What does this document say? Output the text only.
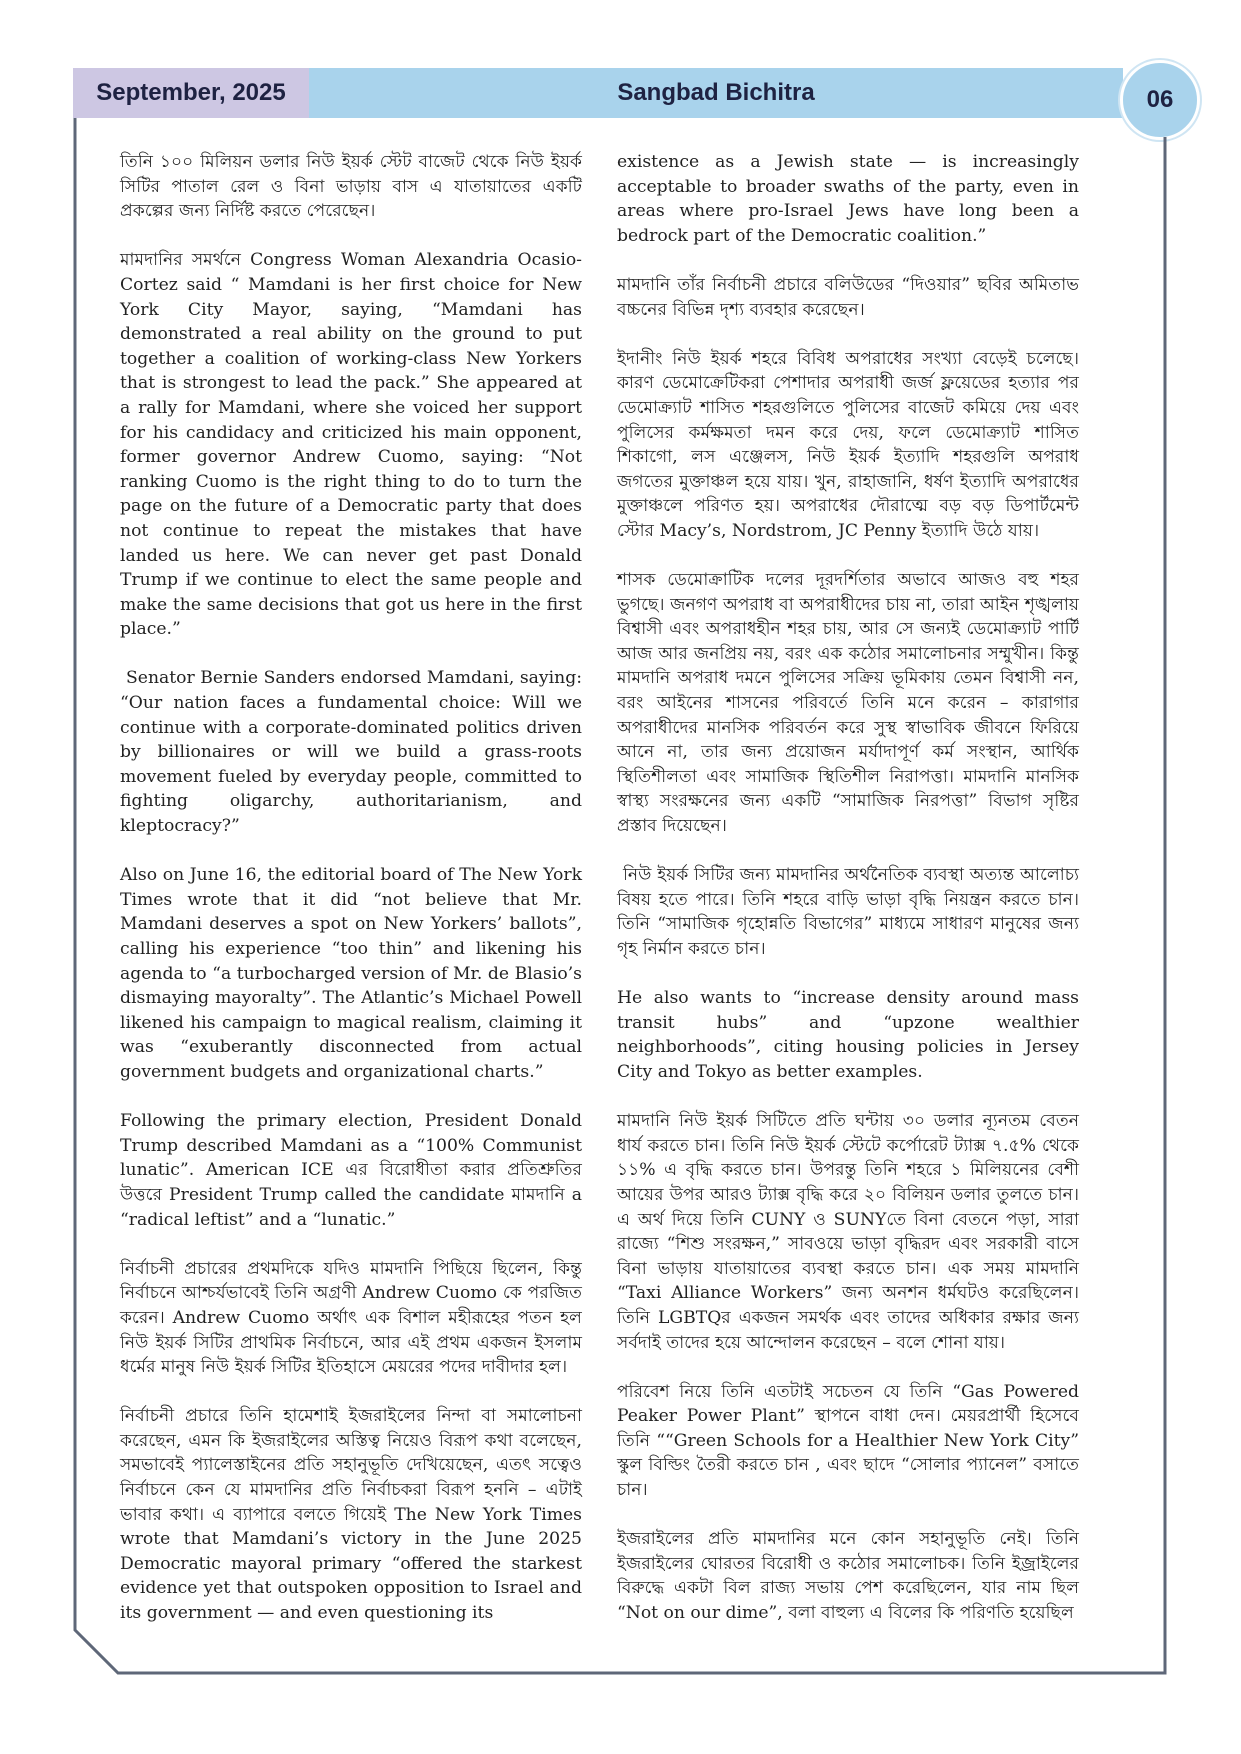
September, 2025	Sangbad Bichitra	06

তিনি ১০০ মিলিয়ন ডলার নিউ ইয়র্ক স্টেট বাজেট থেকে নিউ ইয়র্ক সিটির পাতাল রেল ও বিনা ভাড়ায় বাস এ যাতায়াতের একটি প্রকল্পের জন্য নির্দিষ্ট করতে পেরেছেন।

মামদানির সমর্থনে Congress Woman Alexandria Ocasio-Cortez said “ Mamdani is her first choice for New York City Mayor, saying, “Mamdani has demonstrated a real ability on the ground to put together a coalition of working-class New Yorkers that is strongest to lead the pack.” She appeared at a rally for Mamdani, where she voiced her support for his candidacy and criticized his main opponent, former governor Andrew Cuomo, saying: “Not ranking Cuomo is the right thing to do to turn the page on the future of a Democratic party that does not continue to repeat the mistakes that have landed us here. We can never get past Donald Trump if we continue to elect the same people and make the same decisions that got us here in the first place.”

Senator Bernie Sanders endorsed Mamdani, saying: “Our nation faces a fundamental choice: Will we continue with a corporate-dominated politics driven by billionaires or will we build a grass-roots movement fueled by everyday people, committed to fighting oligarchy, authoritarianism, and kleptocracy?”

Also on June 16, the editorial board of The New York Times wrote that it did “not believe that Mr. Mamdani deserves a spot on New Yorkers’ ballots”, calling his experience “too thin” and likening his agenda to “a turbocharged version of Mr. de Blasio’s dismaying mayoralty”. The Atlantic’s Michael Powell likened his campaign to magical realism, claiming it was “exuberantly disconnected from actual government budgets and organizational charts.”

Following the primary election, President Donald Trump described Mamdani as a “100% Communist lunatic”. American ICE এর বিরোধীতা করার প্রতিশ্রুতির উত্তরে President Trump called the candidate মামদানি a “radical leftist” and a “lunatic.”

নির্বাচনী প্রচারের প্রথমদিকে যদিও মামদানি পিছিয়ে ছিলেন, কিন্তু নির্বাচনে আশ্চর্যভাবেই তিনি অগ্রণী Andrew Cuomo কে পরজিত করেন। Andrew Cuomo অর্থাৎ এক বিশাল মহীরূহের পতন হল নিউ ইয়র্ক সিটির প্রাথমিক নির্বাচনে, আর এই প্রথম একজন ইসলাম ধর্মের মানুষ নিউ ইয়র্ক সিটির ইতিহাসে মেয়রের পদের দাবীদার হল।

নির্বাচনী প্রচারে তিনি হামেশাই ইজরাইলের নিন্দা বা সমালোচনা করেছেন, এমন কি ইজরাইলের অস্তিত্ব নিয়েও বিরূপ কথা বলেছেন, সমভাবেই প্যালেস্তাইনের প্রতি সহানুভূতি দেখিয়েছেন, এতৎ সত্বেও নির্বাচনে কেন যে মামদানির প্রতি নির্বাচকরা বিরূপ হননি – এটাই ভাবার কথা। এ ব্যাপারে বলতে গিয়েই The New York Times wrote that Mamdani’s victory in the June 2025 Democratic mayoral primary “offered the starkest evidence yet that outspoken opposition to Israel and its government — and even questioning its

existence as a Jewish state — is increasingly acceptable to broader swaths of the party, even in areas where pro-Israel Jews have long been a bedrock part of the Democratic coalition.”

মামদানি তাঁর নির্বাচনী প্রচারে বলিউডের “দিওয়ার” ছবির অমিতাভ বচ্চনের বিভিন্ন দৃশ্য ব্যবহার করেছেন।

ইদানীং নিউ ইয়র্ক শহরে বিবিধ অপরাধের সংখ্যা বেড়েই চলেছে। কারণ ডেমোক্রেটিকরা পেশাদার অপরাধী জর্জ ফ্লয়েডের হত্যার পর ডেমোক্র্যাট শাসিত শহরগুলিতে পুলিসের বাজেট কমিয়ে দেয় এবং পুলিসের কর্মক্ষমতা দমন করে দেয়, ফলে ডেমোক্র্যাট শাসিত শিকাগো, লস এঞ্জেলস, নিউ ইয়র্ক ইত্যাদি শহরগুলি অপরাধ জগতের মুক্তাঞ্চল হয়ে যায়। খুন, রাহাজানি, ধর্ষণ ইত্যাদি অপরাধের মুক্তাঞ্চলে পরিণত হয়। অপরাধের দৌরাত্মে বড় বড় ডিপার্টমেন্ট স্টোর Macy’s, Nordstrom, JC Penny ইত্যাদি উঠে যায়।

শাসক ডেমোক্রাটিক দলের দূরদর্শিতার অভাবে আজও বহু শহর ভুগছে। জনগণ অপরাধ বা অপরাধীদের চায় না, তারা আইন শৃঙ্খলায় বিশ্বাসী এবং অপরাধহীন শহর চায়, আর সে জন্যই ডেমোক্র্যাট পার্টি আজ আর জনপ্রিয় নয়, বরং এক কঠোর সমালোচনার সম্মুখীন। কিন্তু মামদানি অপরাধ দমনে পুলিসের সক্রিয় ভূমিকায় তেমন বিশ্বাসী নন, বরং আইনের শাসনের পরিবর্তে তিনি মনে করেন – কারাগার অপরাধীদের মানসিক পরিবর্তন করে সুস্থ স্বাভাবিক জীবনে ফিরিয়ে আনে না, তার জন্য প্রয়োজন মর্যাদাপূর্ণ কর্ম সংস্থান, আর্থিক স্থিতিশীলতা এবং সামাজিক স্থিতিশীল নিরাপত্তা। মামদানি মানসিক স্বাস্থ্য সংরক্ষনের জন্য একটি “সামাজিক নিরপত্তা” বিভাগ সৃষ্টির প্রস্তাব দিয়েছেন।

নিউ ইয়র্ক সিটির জন্য মামদানির অর্থনৈতিক ব্যবস্থা অত্যন্ত আলোচ্য বিষয় হতে পারে। তিনি শহরে বাড়ি ভাড়া বৃদ্ধি নিয়ন্ত্রন করতে চান। তিনি “সামাজিক গৃহোন্নতি বিভাগের” মাধ্যমে সাধারণ মানুষের জন্য গৃহ নির্মান করতে চান।

He also wants to “increase density around mass transit hubs” and “upzone wealthier neighborhoods”, citing housing policies in Jersey City and Tokyo as better examples.

মামদানি নিউ ইয়র্ক সিটিতে প্রতি ঘন্টায় ৩০ ডলার ন্যূনতম বেতন ধার্য করতে চান। তিনি নিউ ইয়র্ক স্টেটে কর্পোরেট ট্যাক্স ৭.৫% থেকে ১১% এ বৃদ্ধি করতে চান। উপরন্তু তিনি শহরে ১ মিলিয়নের বেশী আয়ের উপর আরও ট্যাক্স বৃদ্ধি করে ২০ বিলিয়ন ডলার তুলতে চান। এ অর্থ দিয়ে তিনি CUNY ও SUNYতে বিনা বেতনে পড়া, সারা রাজ্যে “শিশু সংরক্ষন,” সাবওয়ে ভাড়া বৃদ্ধিরদ এবং সরকারী বাসে বিনা ভাড়ায় যাতায়াতের ব্যবস্থা করতে চান। এক সময় মামদানি “Taxi Alliance Workers” জন্য অনশন ধর্মঘটও করেছিলেন। তিনি LGBTQর একজন সমর্থক এবং তাদের অধিকার রক্ষার জন্য সর্বদাই তাদের হয়ে আন্দোলন করেছেন – বলে শোনা যায়।

পরিবেশ নিয়ে তিনি এতটাই সচেতন যে তিনি “Gas Powered Peaker Power Plant” স্থাপনে বাধা দেন। মেয়রপ্রার্থী হিসেবে তিনি ““Green Schools for a Healthier New York City” স্কুল বিল্ডিং তৈরী করতে চান , এবং ছাদে “সোলার প্যানেল” বসাতে চান।

ইজরাইলের প্রতি মামদানির মনে কোন সহানুভূতি নেই। তিনি ইজরাইলের ঘোরতর বিরোধী ও কঠোর সমালোচক। তিনি ইজ্রাইলের বিরুদ্ধে একটা বিল রাজ্য সভায় পেশ করেছিলেন, যার নাম ছিল “Not on our dime”, বলা বাহুল্য এ বিলের কি পরিণতি হয়েছিল
